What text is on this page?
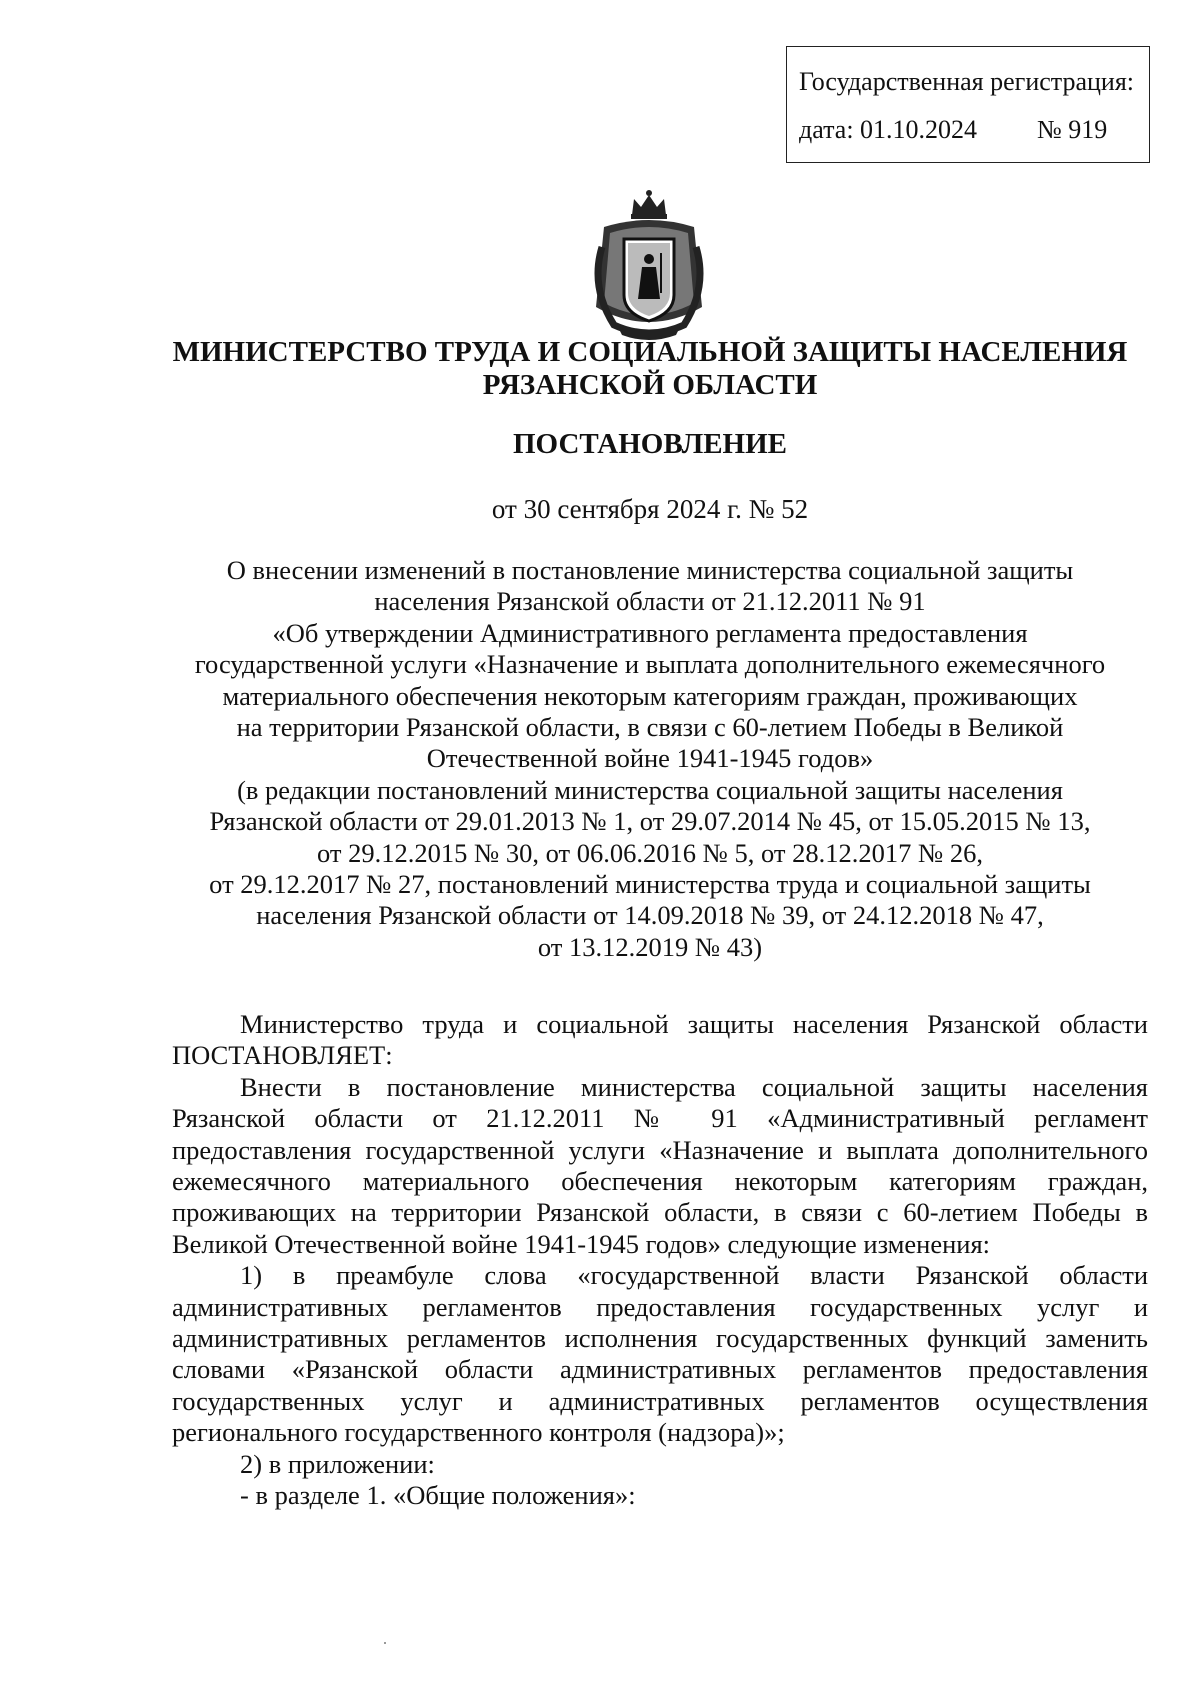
Государственная регистрация:
дата: 01.10.2024 № 919
МИНИСТЕРСТВО ТРУДА И СОЦИАЛЬНОЙ ЗАЩИТЫ НАСЕЛЕНИЯ
РЯЗАНСКОЙ ОБЛАСТИ
ПОСТАНОВЛЕНИЕ
от 30 сентября 2024 г. № 52
О внесении изменений в постановление министерства социальной защиты
населения Рязанской области от 21.12.2011 № 91
«Об утверждении Административного регламента предоставления
государственной услуги «Назначение и выплата дополнительного ежемесячного
материального обеспечения некоторым категориям граждан, проживающих
на территории Рязанской области, в связи с 60-летием Победы в Великой
Отечественной войне 1941-1945 годов»
(в редакции постановлений министерства социальной защиты населения
Рязанской области от 29.01.2013 № 1, от 29.07.2014 № 45, от 15.05.2015 № 13,
от 29.12.2015 № 30, от 06.06.2016 № 5, от 28.12.2017 № 26,
от 29.12.2017 № 27, постановлений министерства труда и социальной защиты
населения Рязанской области от 14.09.2018 № 39, от 24.12.2018 № 47,
от 13.12.2019 № 43)
Министерство труда и социальной защиты населения Рязанской области
ПОСТАНОВЛЯЕТ:
Внести в постановление министерства социальной защиты населения
Рязанской области от 21.12.2011 № 91 «Административный регламент
предоставления государственной услуги «Назначение и выплата дополнительного
ежемесячного материального обеспечения некоторым категориям граждан,
проживающих на территории Рязанской области, в связи с 60-летием Победы в
Великой Отечественной войне 1941-1945 годов» следующие изменения:
1) в преамбуле слова «государственной власти Рязанской области
административных регламентов предоставления государственных услуг и
административных регламентов исполнения государственных функций заменить
словами «Рязанской области административных регламентов предоставления
государственных услуг и административных регламентов осуществления
регионального государственного контроля (надзора)»;
2) в приложении:
- в разделе 1. «Общие положения»:
